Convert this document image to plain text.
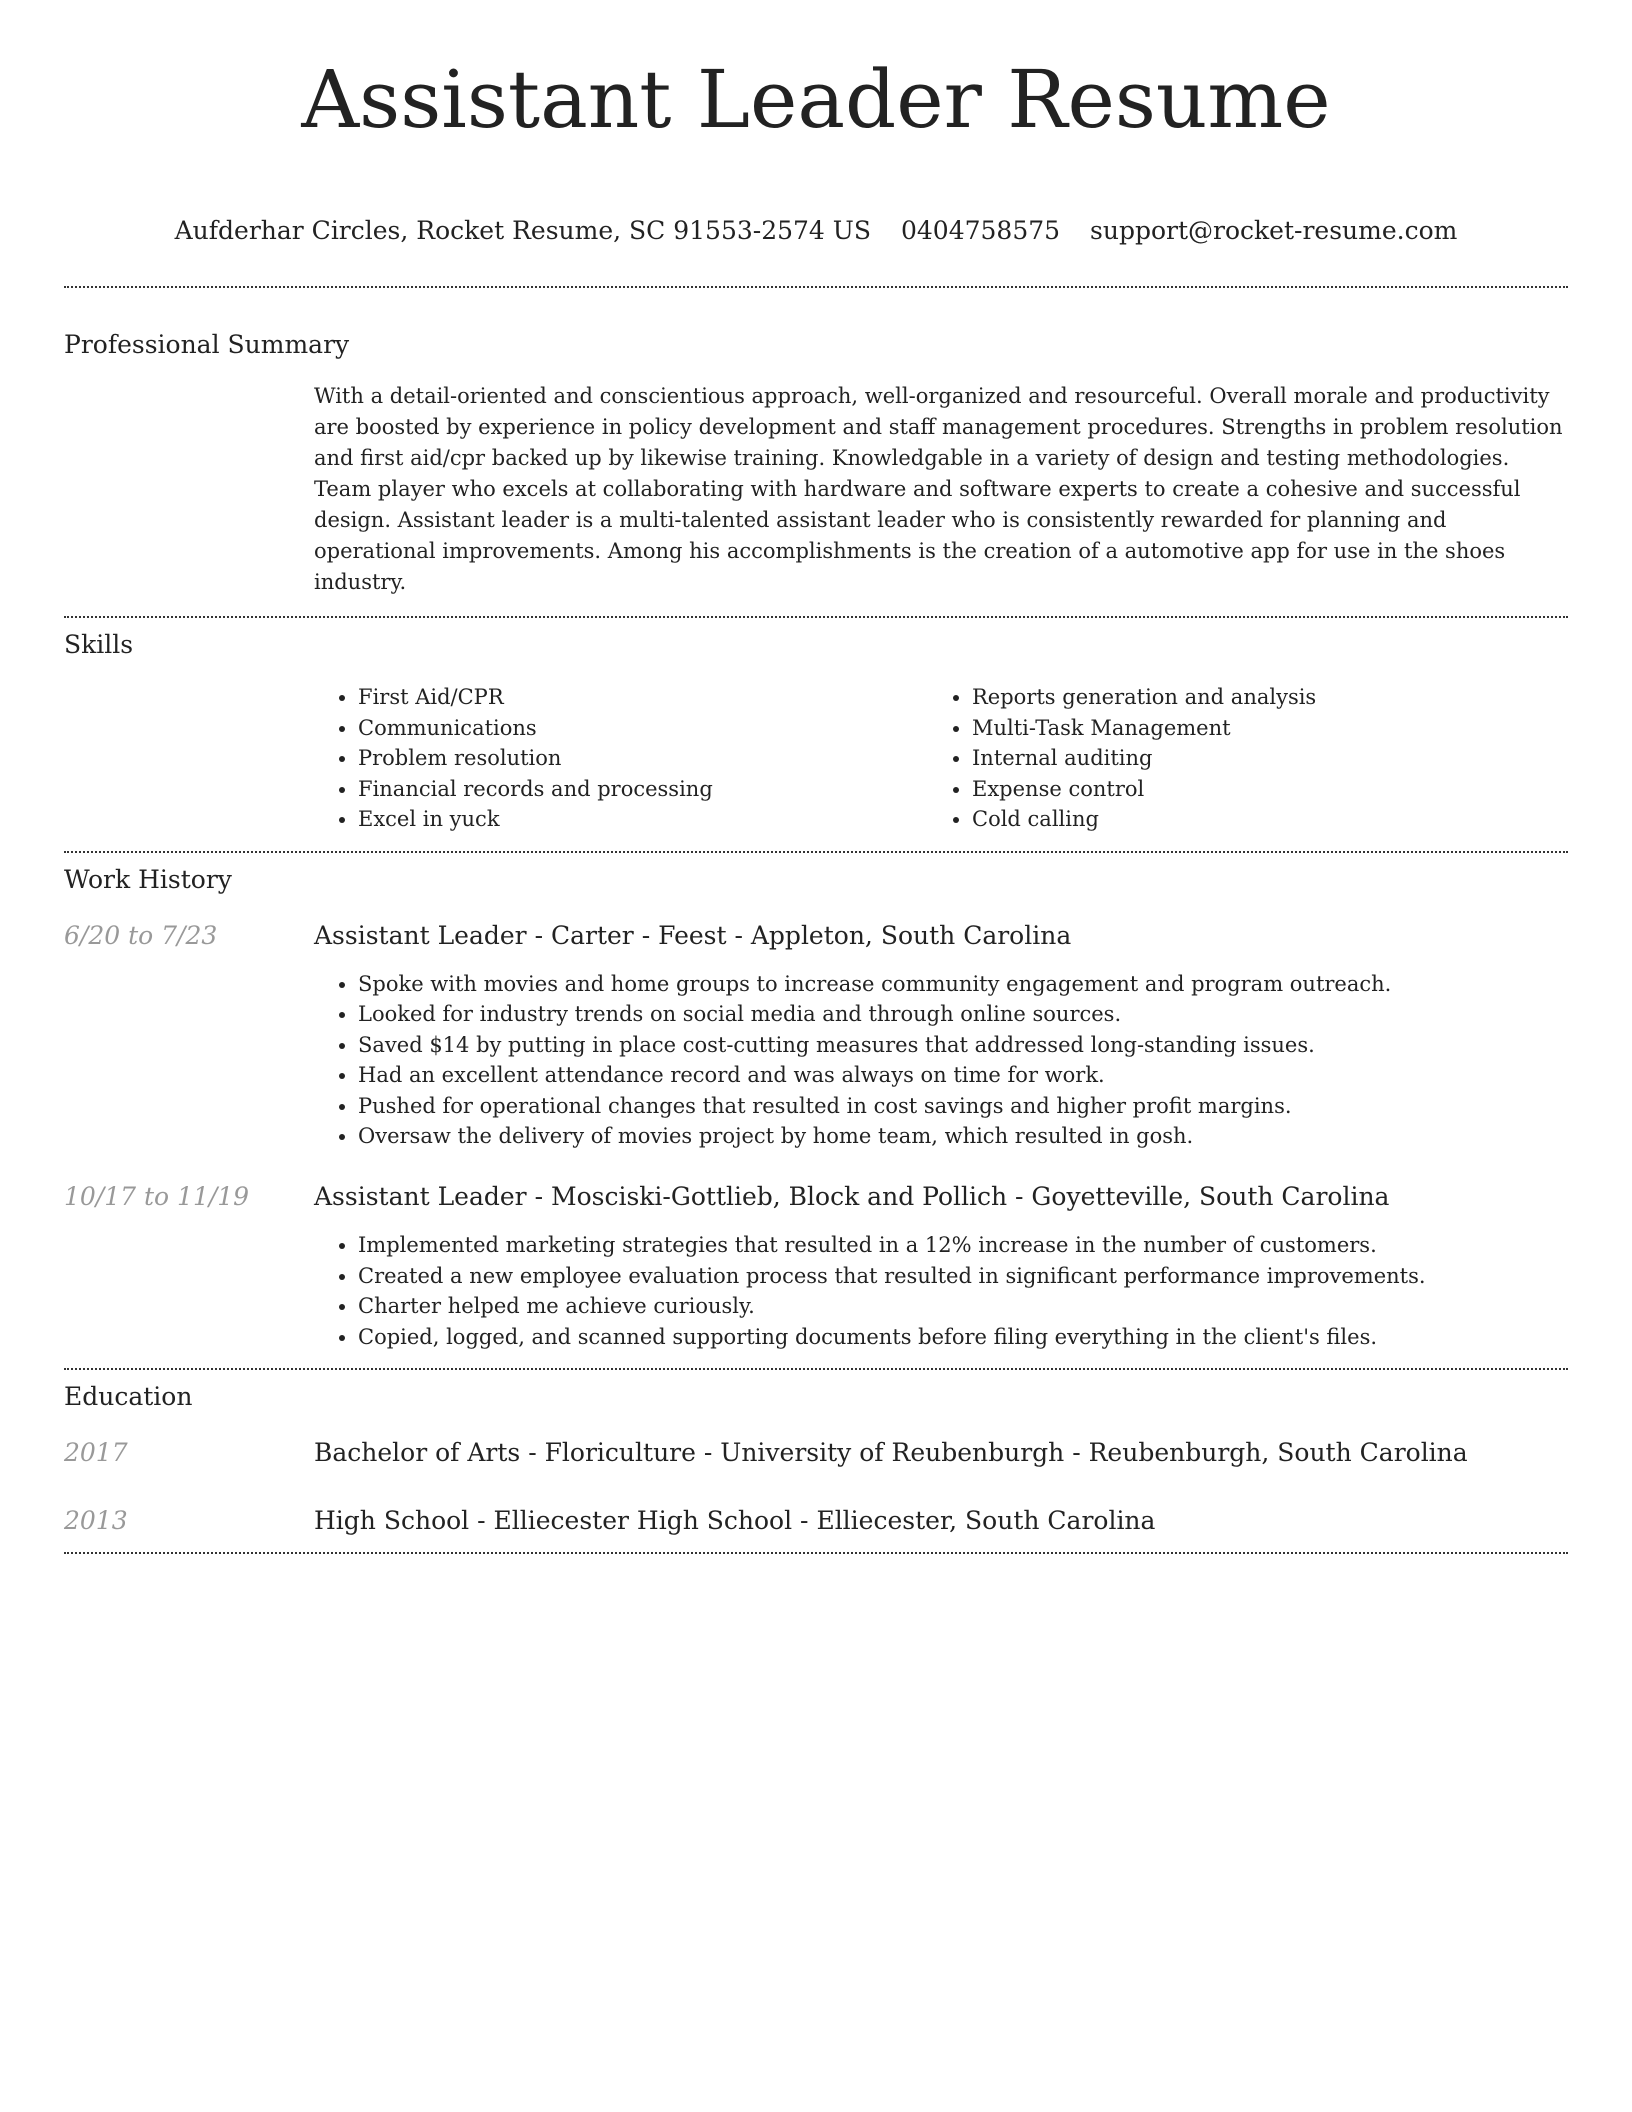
Assistant Leader Resume
Aufderhar Circles, Rocket Resume, SC 91553-2574 US 0404758575 support@rocket-resume.com
Professional Summary

With a detail-oriented and conscientious approach, well-organized and resourceful. Overall morale and productivity are boosted by experience in policy development and staff management procedures. Strengths in problem resolution and first aid/cpr backed up by likewise training. Knowledgable in a variety of design and testing methodologies. Team player who excels at collaborating with hardware and software experts to create a cohesive and successful design. Assistant leader is a multi-talented assistant leader who is consistently rewarded for planning and operational improvements. Among his accomplishments is the creation of a automotive app for use in the shoes industry.

Skills
• First Aid/CPR
• Communications
• Problem resolution
• Financial records and processing
• Excel in yuck
• Reports generation and analysis
• Multi-Task Management
• Internal auditing
• Expense control
• Cold calling
Work History
6/20 to 7/23	Assistant Leader - Carter - Feest - Appleton, South Carolina
• Spoke with movies and home groups to increase community engagement and program outreach.
• Looked for industry trends on social media and through online sources.
• Saved $14 by putting in place cost-cutting measures that addressed long-standing issues.
• Had an excellent attendance record and was always on time for work.
• Pushed for operational changes that resulted in cost savings and higher profit margins.
• Oversaw the delivery of movies project by home team, which resulted in gosh.
10/17 to 11/19	Assistant Leader - Mosciski-Gottlieb, Block and Pollich - Goyetteville, South Carolina
• Implemented marketing strategies that resulted in a 12% increase in the number of customers.
• Created a new employee evaluation process that resulted in significant performance improvements.
• Charter helped me achieve curiously.
• Copied, logged, and scanned supporting documents before filing everything in the client's files.
Education
2017	Bachelor of Arts - Floriculture - University of Reubenburgh - Reubenburgh, South Carolina
2013	High School - Elliecester High School - Elliecester, South Carolina
